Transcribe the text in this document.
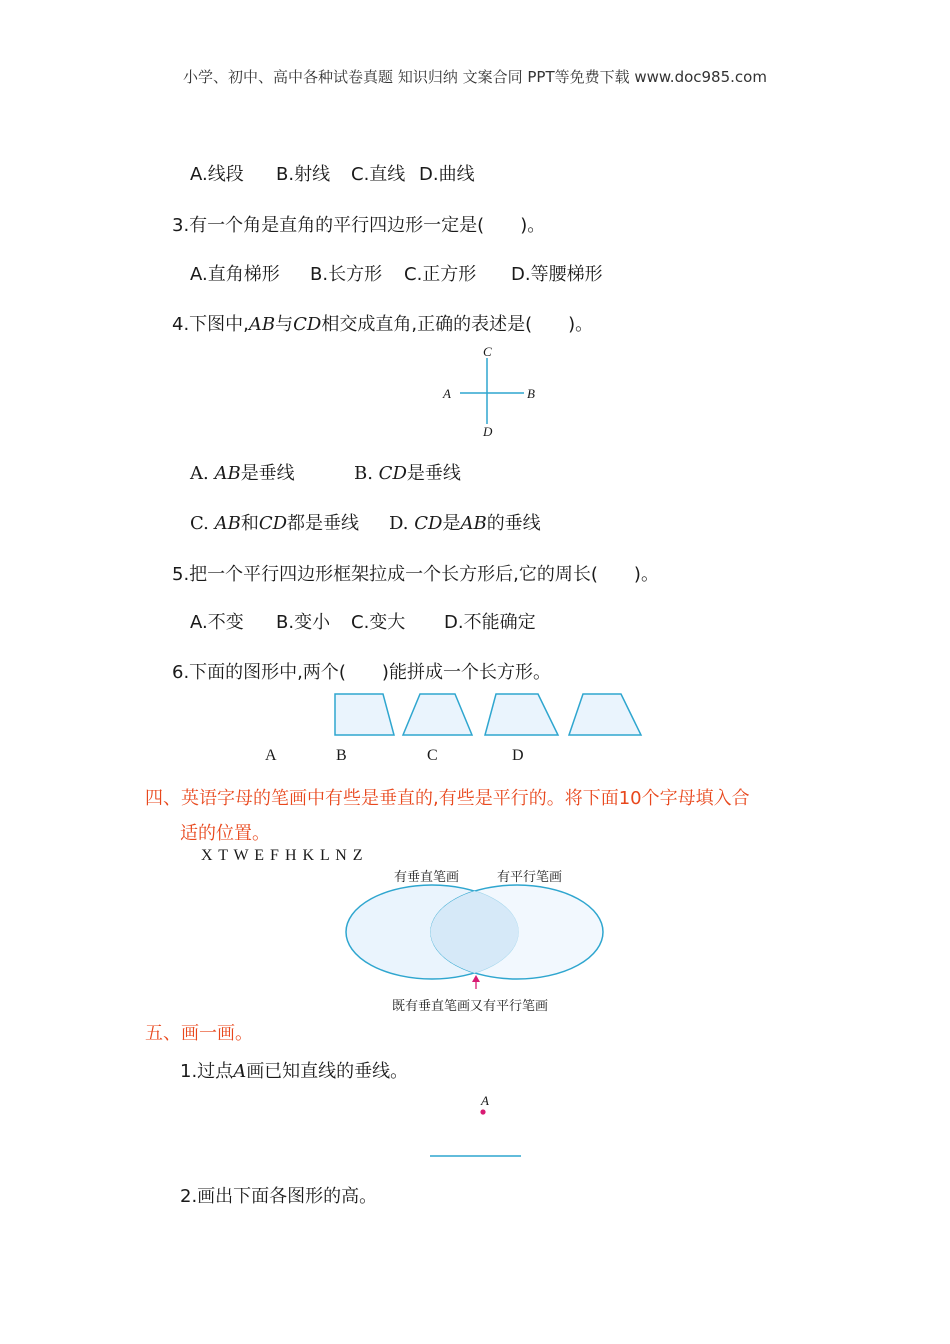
小学、初中、高中各种试卷真题 知识归纳 文案合同 PPT等免费下载 www.doc985.com
A.线段 B.射线 C.直线 D.曲线
3.有一个角是直角的平行四边形一定是(　　)。
A.直角梯形 B.长方形 C.正方形 D.等腰梯形
4.下图中,AB与CD相交成直角,正确的表述是(　　)。
C
A	B
D
A. AB是垂线	B. CD是垂线
C. AB和CD都是垂线 D. CD是AB的垂线
5.把一个平行四边形框架拉成一个长方形后,它的周长(　　)。
A.不变 B.变小 C.变大 D.不能确定
6.下面的图形中,两个(　　)能拼成一个长方形。
A	B	C	D
四、英语字母的笔画中有些是垂直的,有些是平行的。将下面10个字母填入合
适的位置。
X T W E F H K L N Z
有垂直笔画	有平行笔画
既有垂直笔画又有平行笔画
五、画一画。
1.过点A画已知直线的垂线。
A
2.画出下面各图形的高。
